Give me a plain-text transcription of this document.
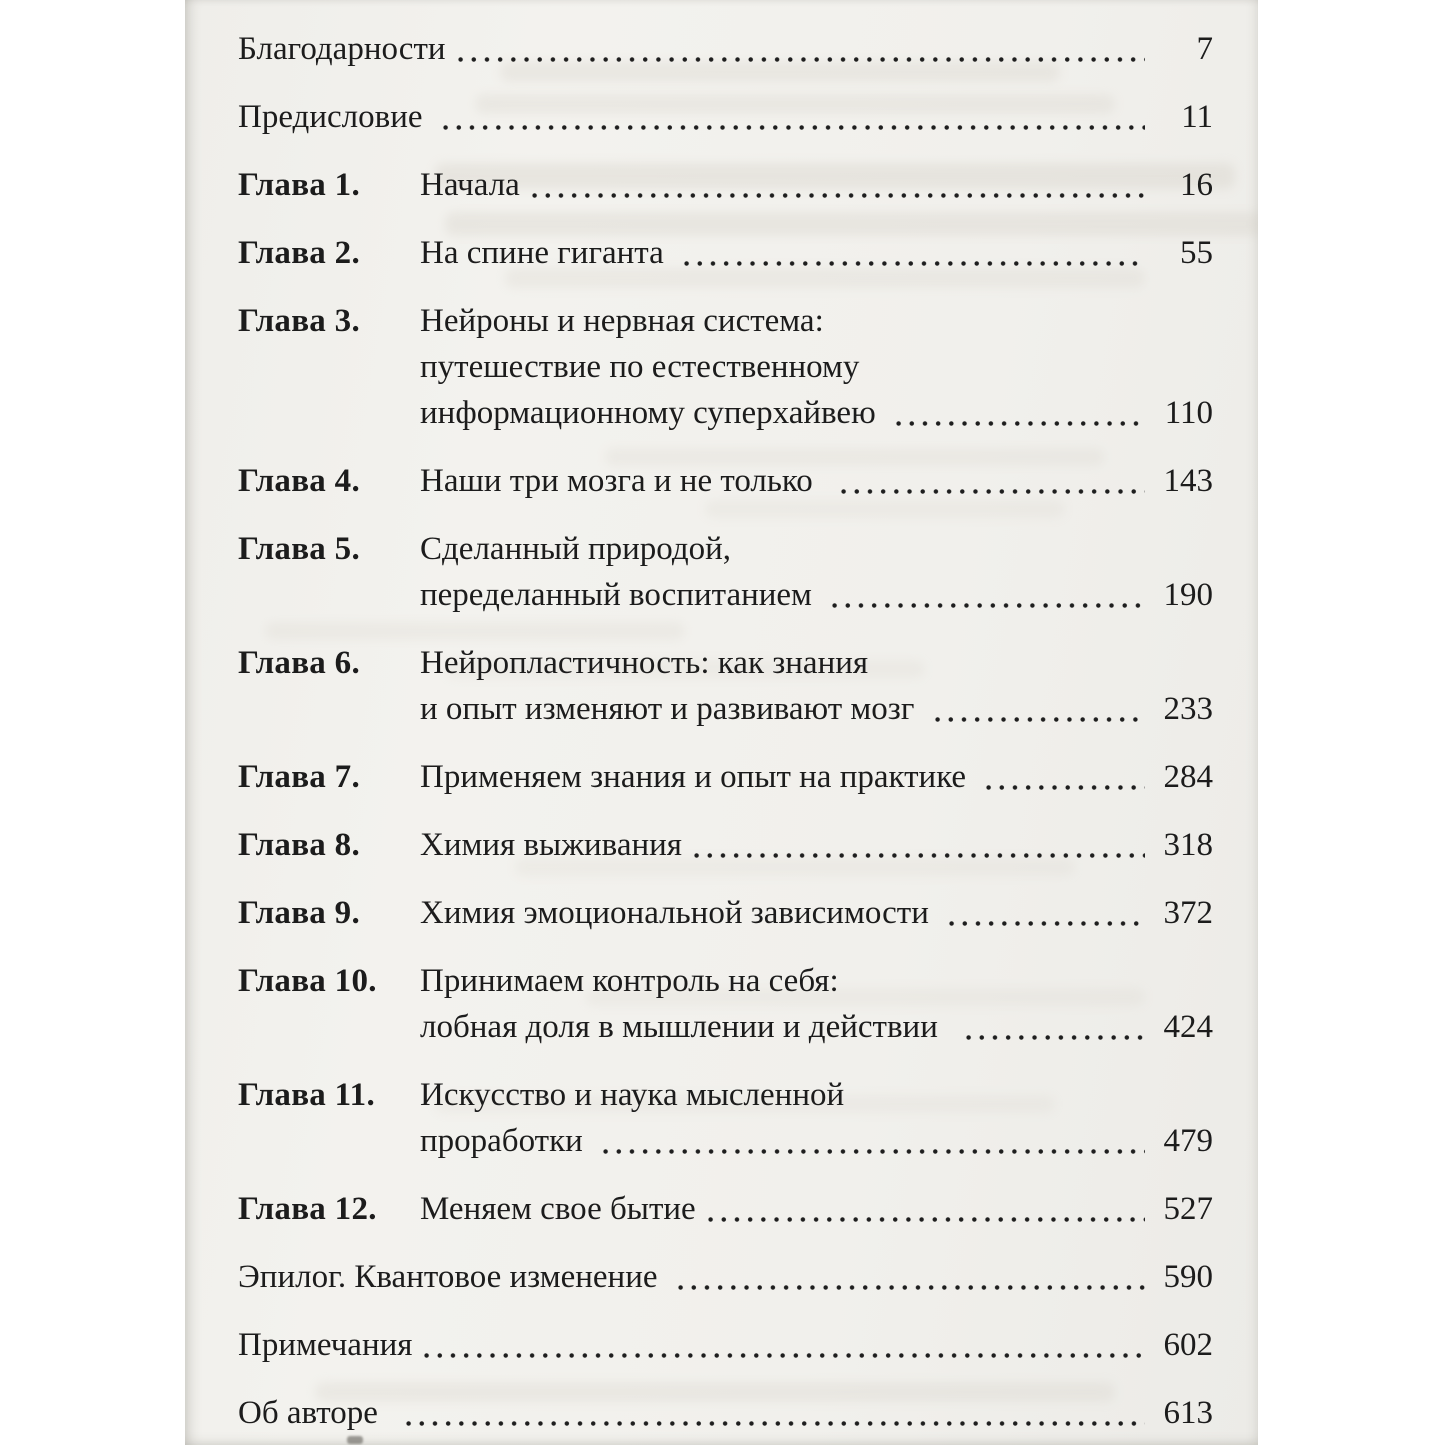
Благодарности	7
Предисловие	11
Глава 1.	Начала	16
Глава 2.	На спине гиганта	55
Глава 3.	Нейроны и нервная система:
путешествие по естественному
информационному суперхайвею	110
Глава 4.	Наши три мозга и не только	143
Глава 5.	Сделанный природой,
переделанный воспитанием	190
Глава 6.	Нейропластичность: как знания
и опыт изменяют и развивают мозг	233
Глава 7.	Применяем знания и опыт на практике	284
Глава 8.	Химия выживания	318
Глава 9.	Химия эмоциональной зависимости	372
Глава 10.	Принимаем контроль на себя:
лобная доля в мышлении и действии	424
Глава 11.	Искусство и наука мысленной
проработки	479
Глава 12.	Меняем свое бытие	527
Эпилог. Квантовое изменение	590
Примечания	602
Об авторе	613
